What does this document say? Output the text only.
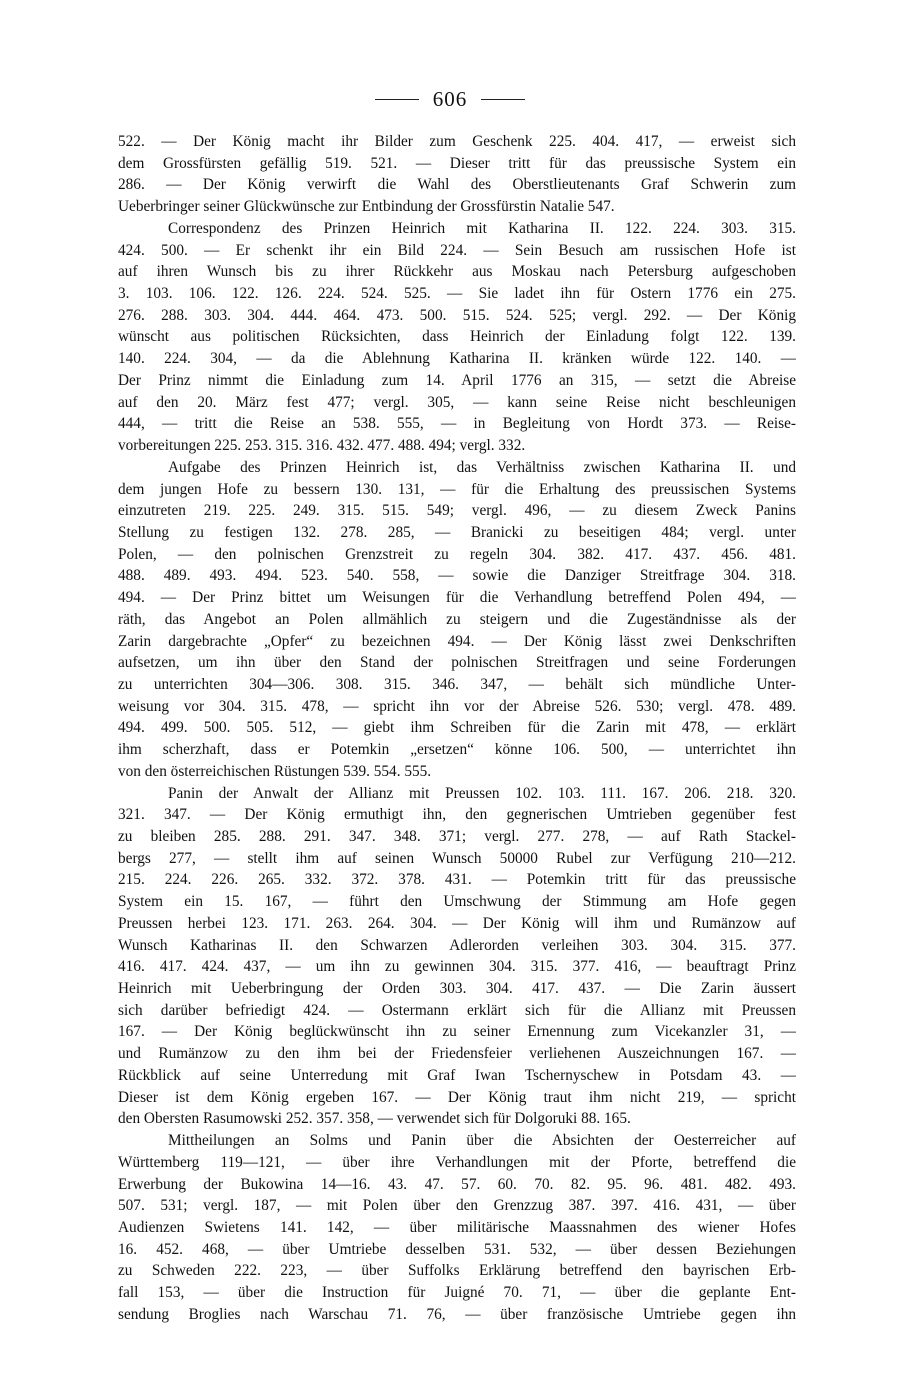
606
522. — Der König macht ihr Bilder zum Geschenk 225. 404. 417, — erweist sich
dem Grossfürsten gefällig 519. 521. — Dieser tritt für das preussische System ein
286. — Der König verwirft die Wahl des Oberstlieutenants Graf Schwerin zum
Ueberbringer seiner Glückwünsche zur Entbindung der Grossfürstin Natalie 547.
Correspondenz des Prinzen Heinrich mit Katharina II. 122. 224. 303. 315.
424. 500. — Er schenkt ihr ein Bild 224. — Sein Besuch am russischen Hofe ist
auf ihren Wunsch bis zu ihrer Rückkehr aus Moskau nach Petersburg aufgeschoben
3. 103. 106. 122. 126. 224. 524. 525. — Sie ladet ihn für Ostern 1776 ein 275.
276. 288. 303. 304. 444. 464. 473. 500. 515. 524. 525; vergl. 292. — Der König
wünscht aus politischen Rücksichten, dass Heinrich der Einladung folgt 122. 139.
140. 224. 304, — da die Ablehnung Katharina II. kränken würde 122. 140. —
Der Prinz nimmt die Einladung zum 14. April 1776 an 315, — setzt die Abreise
auf den 20. März fest 477; vergl. 305, — kann seine Reise nicht beschleunigen
444, — tritt die Reise an 538. 555, — in Begleitung von Hordt 373. — Reise-
vorbereitungen 225. 253. 315. 316. 432. 477. 488. 494; vergl. 332.
Aufgabe des Prinzen Heinrich ist, das Verhältniss zwischen Katharina II. und
dem jungen Hofe zu bessern 130. 131, — für die Erhaltung des preussischen Systems
einzutreten 219. 225. 249. 315. 515. 549; vergl. 496, — zu diesem Zweck Panins
Stellung zu festigen 132. 278. 285, — Branicki zu beseitigen 484; vergl. unter
Polen, — den polnischen Grenzstreit zu regeln 304. 382. 417. 437. 456. 481.
488. 489. 493. 494. 523. 540. 558, — sowie die Danziger Streitfrage 304. 318.
494. — Der Prinz bittet um Weisungen für die Verhandlung betreffend Polen 494, —
räth, das Angebot an Polen allmählich zu steigern und die Zugeständnisse als der
Zarin dargebrachte „Opfer“ zu bezeichnen 494. — Der König lässt zwei Denkschriften
aufsetzen, um ihn über den Stand der polnischen Streitfragen und seine Forderungen
zu unterrichten 304—306. 308. 315. 346. 347, — behält sich mündliche Unter-
weisung vor 304. 315. 478, — spricht ihn vor der Abreise 526. 530; vergl. 478. 489.
494. 499. 500. 505. 512, — giebt ihm Schreiben für die Zarin mit 478, — erklärt
ihm scherzhaft, dass er Potemkin „ersetzen“ könne 106. 500, — unterrichtet ihn
von den österreichischen Rüstungen 539. 554. 555.
Panin der Anwalt der Allianz mit Preussen 102. 103. 111. 167. 206. 218. 320.
321. 347. — Der König ermuthigt ihn, den gegnerischen Umtrieben gegenüber fest
zu bleiben 285. 288. 291. 347. 348. 371; vergl. 277. 278, — auf Rath Stackel-
bergs 277, — stellt ihm auf seinen Wunsch 50000 Rubel zur Verfügung 210—212.
215. 224. 226. 265. 332. 372. 378. 431. — Potemkin tritt für das preussische
System ein 15. 167, — führt den Umschwung der Stimmung am Hofe gegen
Preussen herbei 123. 171. 263. 264. 304. — Der König will ihm und Rumänzow auf
Wunsch Katharinas II. den Schwarzen Adlerorden verleihen 303. 304. 315. 377.
416. 417. 424. 437, — um ihn zu gewinnen 304. 315. 377. 416, — beauftragt Prinz
Heinrich mit Ueberbringung der Orden 303. 304. 417. 437. — Die Zarin äussert
sich darüber befriedigt 424. — Ostermann erklärt sich für die Allianz mit Preussen
167. — Der König beglückwünscht ihn zu seiner Ernennung zum Vicekanzler 31, —
und Rumänzow zu den ihm bei der Friedensfeier verliehenen Auszeichnungen 167. —
Rückblick auf seine Unterredung mit Graf Iwan Tschernyschew in Potsdam 43. —
Dieser ist dem König ergeben 167. — Der König traut ihm nicht 219, — spricht
den Obersten Rasumowski 252. 357. 358, — verwendet sich für Dolgoruki 88. 165.
Mittheilungen an Solms und Panin über die Absichten der Oesterreicher auf
Württemberg 119—121, — über ihre Verhandlungen mit der Pforte, betreffend die
Erwerbung der Bukowina 14—16. 43. 47. 57. 60. 70. 82. 95. 96. 481. 482. 493.
507. 531; vergl. 187, — mit Polen über den Grenzzug 387. 397. 416. 431, — über
Audienzen Swietens 141. 142, — über militärische Maassnahmen des wiener Hofes
16. 452. 468, — über Umtriebe desselben 531. 532, — über dessen Beziehungen
zu Schweden 222. 223, — über Suffolks Erklärung betreffend den bayrischen Erb-
fall 153, — über die Instruction für Juigné 70. 71, — über die geplante Ent-
sendung Broglies nach Warschau 71. 76, — über französische Umtriebe gegen ihn
